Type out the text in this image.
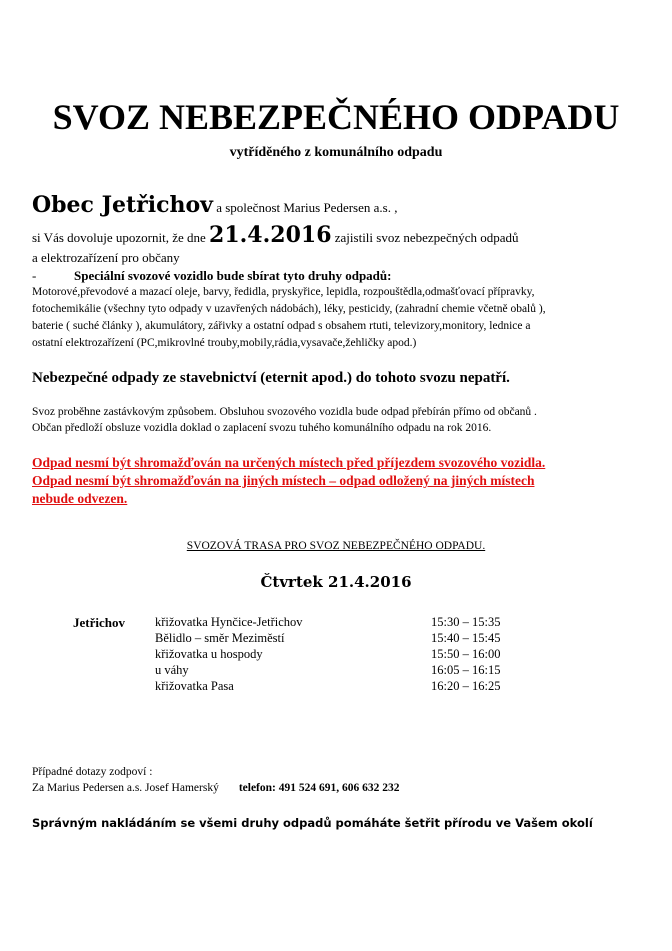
SVOZ NEBEZPEČNÉHO ODPADU
vytříděného z komunálního odpadu
Obec Jetřichov a společnost Marius Pedersen a.s. ,
si Vás dovoluje upozornit, že dne 21.4.2016 zajistili svoz nebezpečných odpadů
a elektrozařízení pro občany
-	Speciální svozové vozidlo bude sbírat tyto druhy odpadů:
Motorové,převodové a mazací oleje, barvy, ředidla, pryskyřice, lepidla, rozpouštědla,odmašťovací přípravky,
fotochemikálie (všechny tyto odpady v uzavřených nádobách), léky, pesticidy, (zahradní chemie včetně obalů ),
baterie ( suché články ), akumulátory, zářivky a ostatní odpad s obsahem rtuti, televizory,monitory, lednice a
ostatní elektrozařízení (PC,mikrovlné trouby,mobily,rádia,vysavače,žehličky apod.)
Nebezpečné odpady ze stavebnictví (eternit apod.) do tohoto svozu nepatří.
Svoz proběhne zastávkovým způsobem. Obsluhou svozového vozidla bude odpad přebírán přímo od občanů .
Občan předloží obsluze vozidla doklad o zaplacení svozu tuhého komunálního odpadu na rok 2016.
Odpad nesmí být shromažďován na určených místech před příjezdem svozového vozidla.
Odpad nesmí být shromažďován na jiných místech – odpad odložený na jiných místech
nebude odvezen.
SVOZOVÁ TRASA PRO SVOZ NEBEZPEČNÉHO ODPADU.
Čtvrtek 21.4.2016
Jetřichov křižovatka Hynčice-Jetřichov	15:30 – 15:35
Bělidlo – směr Meziměstí	15:40 – 15:45
křižovatka u hospody	15:50 – 16:00
u váhy	16:05 – 16:15
křižovatka Pasa	16:20 – 16:25
Případné dotazy zodpoví :
Za Marius Pedersen a.s. Josef Hamerský telefon: 491 524 691, 606 632 232
Správným nakládáním se všemi druhy odpadů pomáháte šetřit přírodu ve Vašem okolí
